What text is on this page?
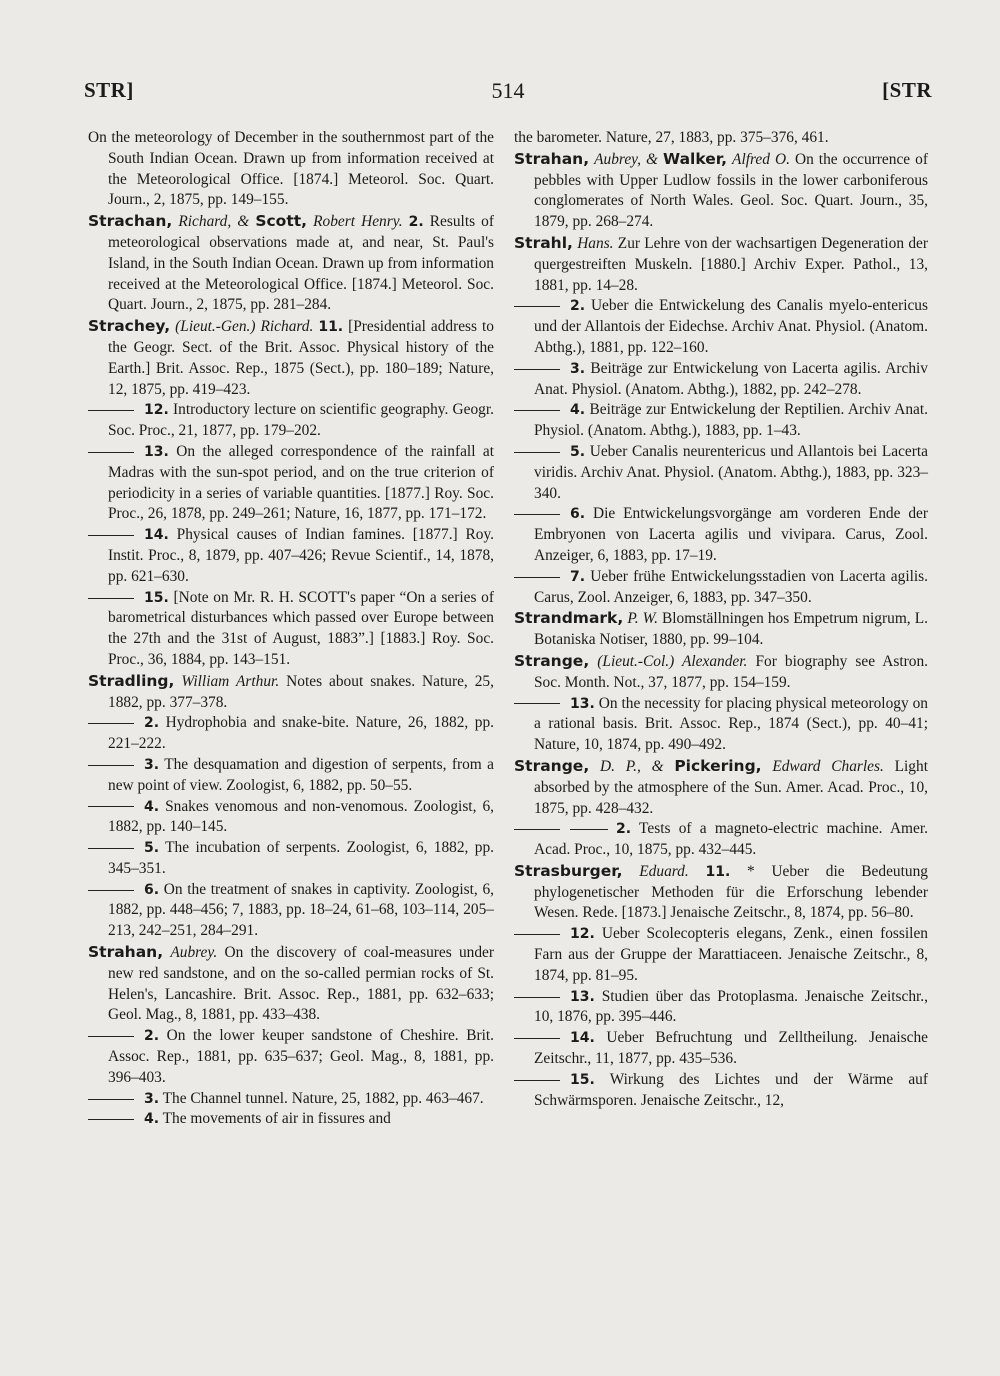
STR]	514	[STR

On the meteorology of December in the southernmost part of the South Indian Ocean. Drawn up from information received at the Meteorological Office. [1874.] Meteorol. Soc. Quart. Journ., 2, 1875, pp. 149–155.

Strachan, Richard, & Scott, Robert Henry. 2. Results of meteorological observations made at, and near, St. Paul's Island, in the South Indian Ocean. Drawn up from information received at the Meteorological Office. [1874.] Meteorol. Soc. Quart. Journ., 2, 1875, pp. 281–284.

Strachey, (Lieut.-Gen.) Richard. 11. [Presidential address to the Geogr. Sect. of the Brit. Assoc. Physical history of the Earth.] Brit. Assoc. Rep., 1875 (Sect.), pp. 180–189; Nature, 12, 1875, pp. 419–423.

12. Introductory lecture on scientific geography. Geogr. Soc. Proc., 21, 1877, pp. 179–202.

13. On the alleged correspondence of the rainfall at Madras with the sun-spot period, and on the true criterion of periodicity in a series of variable quantities. [1877.] Roy. Soc. Proc., 26, 1878, pp. 249–261; Nature, 16, 1877, pp. 171–172.

14. Physical causes of Indian famines. [1877.] Roy. Instit. Proc., 8, 1879, pp. 407–426; Revue Scientif., 14, 1878, pp. 621–630.

15. [Note on Mr. R. H. SCOTT's paper “On a series of barometrical disturbances which passed over Europe between the 27th and the 31st of August, 1883”.] [1883.] Roy. Soc. Proc., 36, 1884, pp. 143–151.

Stradling, William Arthur. Notes about snakes. Nature, 25, 1882, pp. 377–378.

2. Hydrophobia and snake-bite. Nature, 26, 1882, pp. 221–222.

3. The desquamation and digestion of serpents, from a new point of view. Zoologist, 6, 1882, pp. 50–55.

4. Snakes venomous and non-venomous. Zoologist, 6, 1882, pp. 140–145.

5. The incubation of serpents. Zoologist, 6, 1882, pp. 345–351.

6. On the treatment of snakes in captivity. Zoologist, 6, 1882, pp. 448–456; 7, 1883, pp. 18–24, 61–68, 103–114, 205–213, 242–251, 284–291.

Strahan, Aubrey. On the discovery of coal-measures under new red sandstone, and on the so-called permian rocks of St. Helen's, Lancashire. Brit. Assoc. Rep., 1881, pp. 632–633; Geol. Mag., 8, 1881, pp. 433–438.

2. On the lower keuper sandstone of Cheshire. Brit. Assoc. Rep., 1881, pp. 635–637; Geol. Mag., 8, 1881, pp. 396–403.

3. The Channel tunnel. Nature, 25, 1882, pp. 463–467.

4. The movements of air in fissures and

the barometer. Nature, 27, 1883, pp. 375–376, 461.

Strahan, Aubrey, & Walker, Alfred O. On the occurrence of pebbles with Upper Ludlow fossils in the lower carboniferous conglomerates of North Wales. Geol. Soc. Quart. Journ., 35, 1879, pp. 268–274.

Strahl, Hans. Zur Lehre von der wachsartigen Degeneration der quergestreiften Muskeln. [1880.] Archiv Exper. Pathol., 13, 1881, pp. 14–28.

2. Ueber die Entwickelung des Canalis myelo-entericus und der Allantois der Eidechse. Archiv Anat. Physiol. (Anatom. Abthg.), 1881, pp. 122–160.

3. Beiträge zur Entwickelung von Lacerta agilis. Archiv Anat. Physiol. (Anatom. Abthg.), 1882, pp. 242–278.

4. Beiträge zur Entwickelung der Reptilien. Archiv Anat. Physiol. (Anatom. Abthg.), 1883, pp. 1–43.

5. Ueber Canalis neurentericus und Allantois bei Lacerta viridis. Archiv Anat. Physiol. (Anatom. Abthg.), 1883, pp. 323–340.

6. Die Entwickelungsvorgänge am vorderen Ende der Embryonen von Lacerta agilis und vivipara. Carus, Zool. Anzeiger, 6, 1883, pp. 17–19.

7. Ueber frühe Entwickelungsstadien von Lacerta agilis. Carus, Zool. Anzeiger, 6, 1883, pp. 347–350.

Strandmark, P. W. Blomställningen hos Empetrum nigrum, L. Botaniska Notiser, 1880, pp. 99–104.

Strange, (Lieut.-Col.) Alexander. For biography see Astron. Soc. Month. Not., 37, 1877, pp. 154–159.

13. On the necessity for placing physical meteorology on a rational basis. Brit. Assoc. Rep., 1874 (Sect.), pp. 40–41; Nature, 10, 1874, pp. 490–492.

Strange, D. P., & Pickering, Edward Charles. Light absorbed by the atmosphere of the Sun. Amer. Acad. Proc., 10, 1875, pp. 428–432.

2. Tests of a magneto-electric machine. Amer. Acad. Proc., 10, 1875, pp. 432–445.

Strasburger, Eduard. 11. * Ueber die Bedeutung phylogenetischer Methoden für die Erforschung lebender Wesen. Rede. [1873.] Jenaische Zeitschr., 8, 1874, pp. 56–80.

12. Ueber Scolecopteris elegans, Zenk., einen fossilen Farn aus der Gruppe der Marattiaceen. Jenaische Zeitschr., 8, 1874, pp. 81–95.

13. Studien über das Protoplasma. Jenaische Zeitschr., 10, 1876, pp. 395–446.

14. Ueber Befruchtung und Zelltheilung. Jenaische Zeitschr., 11, 1877, pp. 435–536.

15. Wirkung des Lichtes und der Wärme auf Schwärmsporen. Jenaische Zeitschr., 12,
